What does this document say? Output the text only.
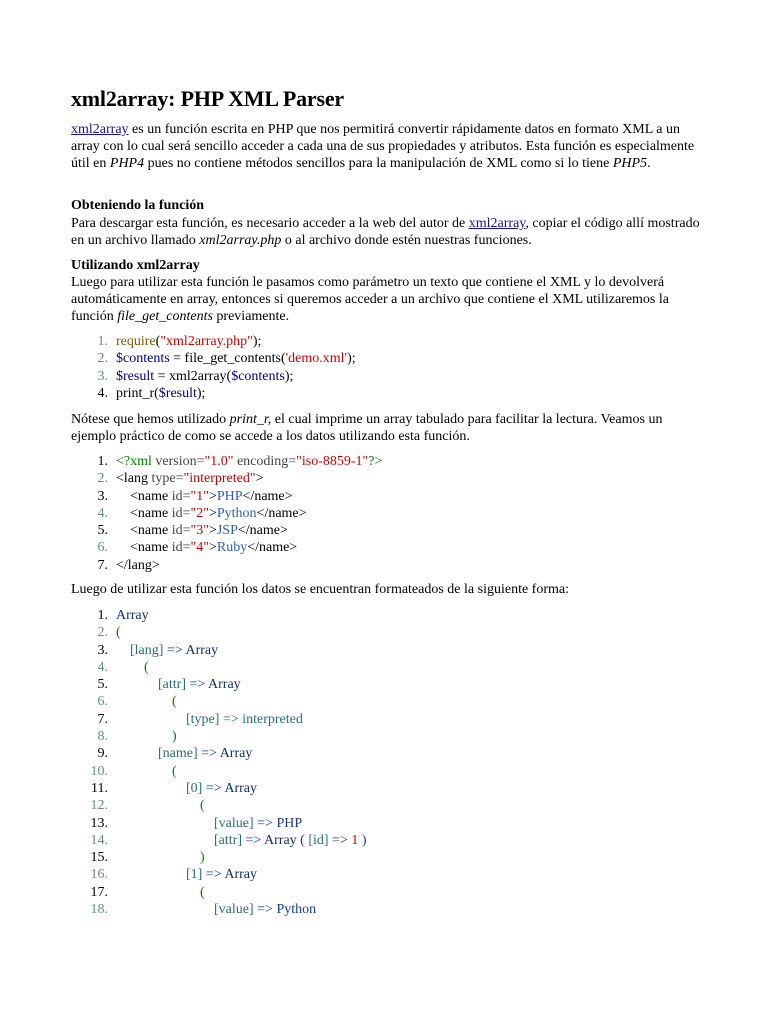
xml2array: PHP XML Parser

xml2array es un función escrita en PHP que nos permitirá convertir rápidamente datos en formato XML a un array con lo cual será sencillo acceder a cada una de sus propiedades y atributos. Esta función es especialmente útil en PHP4 pues no contiene métodos sencillos para la manipulación de XML como si lo tiene PHP5.

Obteniendo la función

Para descargar esta función, es necesario acceder a la web del autor de xml2array, copiar el código allí mostrado en un archivo llamado xml2array.php o al archivo donde estén nuestras funciones.

Utilizando xml2array

Luego para utilizar esta función le pasamos como parámetro un texto que contiene el XML y lo devolverá automáticamente en array, entonces si queremos acceder a un archivo que contiene el XML utilizaremos la función file_get_contents previamente.

1. require("xml2array.php");
2. $contents = file_get_contents('demo.xml');
3. $result = xml2array($contents);
4. print_r($result);

Nótese que hemos utilizado print_r, el cual imprime un array tabulado para facilitar la lectura. Veamos un ejemplo práctico de como se accede a los datos utilizando esta función.

1. <?xml version="1.0" encoding="iso-8859-1"?>
2. <lang type="interpreted">
3. <name id="1">PHP</name>
4. <name id="2">Python</name>
5. <name id="3">JSP</name>
6. <name id="4">Ruby</name>
7. </lang>

Luego de utilizar esta función los datos se encuentran formateados de la siguiente forma:

1. Array
2. (
3.	[lang] => Array
4.	(
5.	[attr] => Array
6.	(
7.	[type] => interpreted
8.	)
9.	[name] => Array
10.	(
11.	[0] => Array
12.	(
13.	[value] => PHP
14.	[attr] => Array ( [id] => 1 )
15.	)
16.	[1] => Array
17.	(
18.	[value] => Python
